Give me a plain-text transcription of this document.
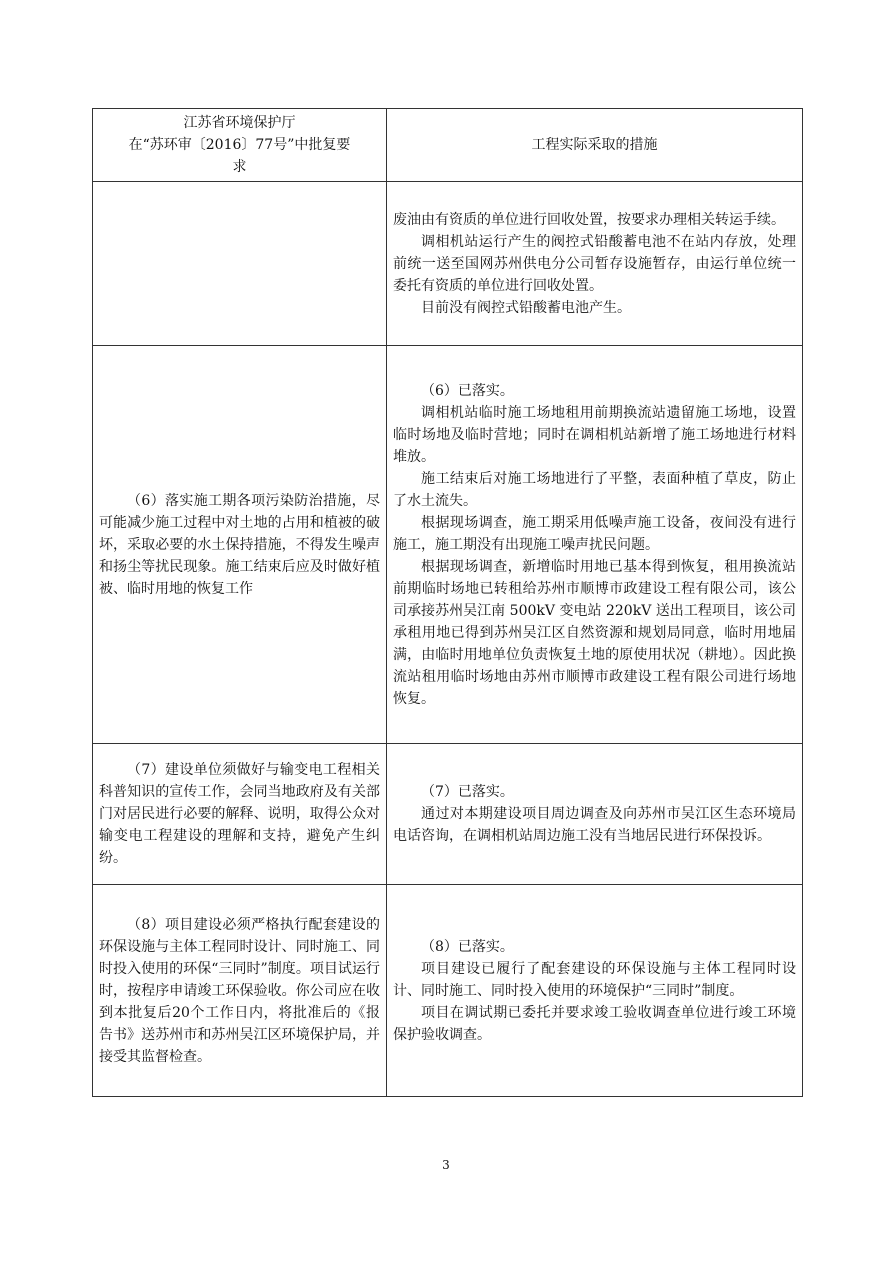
江苏省环境保护厅
在“苏环审〔2016〕77号”中批复要
求	工程实际采取的措施

	废油由有资质的单位进行回收处置，按要求办理相关转运手续。

调相机站运行产生的阀控式铅酸蓄电池不在站内存放，处理前统一送至国网苏州供电分公司暂存设施暂存，由运行单位统一委托有资质的单位进行回收处置。

目前没有阀控式铅酸蓄电池产生。

（6）落实施工期各项污染防治措施，尽可能减少施工过程中对土地的占用和植被的破坏，采取必要的水土保持措施，不得发生噪声和扬尘等扰民现象。施工结束后应及时做好植被、临时用地的恢复工作	（6）已落实。

调相机站临时施工场地租用前期换流站遗留施工场地，设置临时场地及临时营地；同时在调相机站新增了施工场地进行材料堆放。

施工结束后对施工场地进行了平整，表面种植了草皮，防止了水土流失。

根据现场调查，施工期采用低噪声施工设备，夜间没有进行施工，施工期没有出现施工噪声扰民问题。

根据现场调查，新增临时用地已基本得到恢复，租用换流站前期临时场地已转租给苏州市顺博市政建设工程有限公司，该公司承接苏州吴江南 500kV 变电站 220kV 送出工程项目，该公司承租用地已得到苏州吴江区自然资源和规划局同意，临时用地届满，由临时用地单位负责恢复土地的原使用状况（耕地）。因此换流站租用临时场地由苏州市顺博市政建设工程有限公司进行场地恢复。

（7）建设单位须做好与输变电工程相关科普知识的宣传工作，会同当地政府及有关部门对居民进行必要的解释、说明，取得公众对输变电工程建设的理解和支持，避免产生纠纷。	（7）已落实。

通过对本期建设项目周边调查及向苏州市吴江区生态环境局电话咨询，在调相机站周边施工没有当地居民进行环保投诉。

（8）项目建设必须严格执行配套建设的环保设施与主体工程同时设计、同时施工、同时投入使用的环保“三同时”制度。项目试运行时，按程序申请竣工环保验收。你公司应在收到本批复后20个工作日内，将批准后的《报告书》送苏州市和苏州吴江区环境保护局，并接受其监督检查。	（8）已落实。

项目建设已履行了配套建设的环保设施与主体工程同时设计、同时施工、同时投入使用的环境保护“三同时”制度。

项目在调试期已委托并要求竣工验收调查单位进行竣工环境保护验收调查。

3
